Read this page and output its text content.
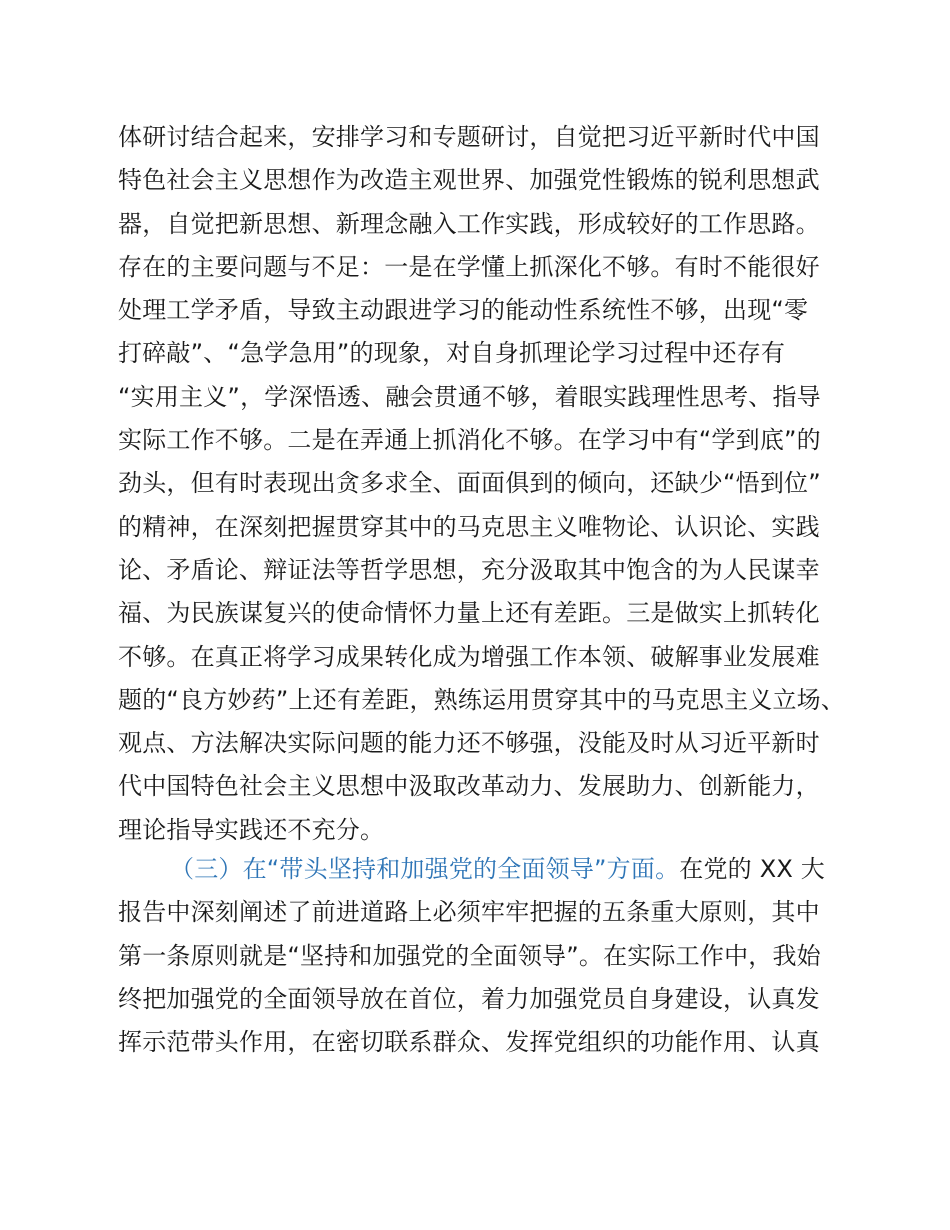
体研讨结合起来，安排学习和专题研讨，自觉把习近平新时代中国
特色社会主义思想作为改造主观世界、加强党性锻炼的锐利思想武
器，自觉把新思想、新理念融入工作实践，形成较好的工作思路。
存在的主要问题与不足：一是在学懂上抓深化不够。有时不能很好
处理工学矛盾，导致主动跟进学习的能动性系统性不够，出现“零
打碎敲”、“急学急用”的现象，对自身抓理论学习过程中还存有
“实用主义”，学深悟透、融会贯通不够，着眼实践理性思考、指导
实际工作不够。二是在弄通上抓消化不够。在学习中有“学到底”的
劲头，但有时表现出贪多求全、面面俱到的倾向，还缺少“悟到位”
的精神，在深刻把握贯穿其中的马克思主义唯物论、认识论、实践
论、矛盾论、辩证法等哲学思想，充分汲取其中饱含的为人民谋幸
福、为民族谋复兴的使命情怀力量上还有差距。三是做实上抓转化
不够。在真正将学习成果转化成为增强工作本领、破解事业发展难
题的“良方妙药”上还有差距，熟练运用贯穿其中的马克思主义立场、
观点、方法解决实际问题的能力还不够强，没能及时从习近平新时
代中国特色社会主义思想中汲取改革动力、发展助力、创新能力，
理论指导实践还不充分。
（三）在“带头坚持和加强党的全面领导”方面。在党的 XX 大
报告中深刻阐述了前进道路上必须牢牢把握的五条重大原则，其中
第一条原则就是“坚持和加强党的全面领导”。在实际工作中，我始
终把加强党的全面领导放在首位，着力加强党员自身建设，认真发
挥示范带头作用，在密切联系群众、发挥党组织的功能作用、认真
